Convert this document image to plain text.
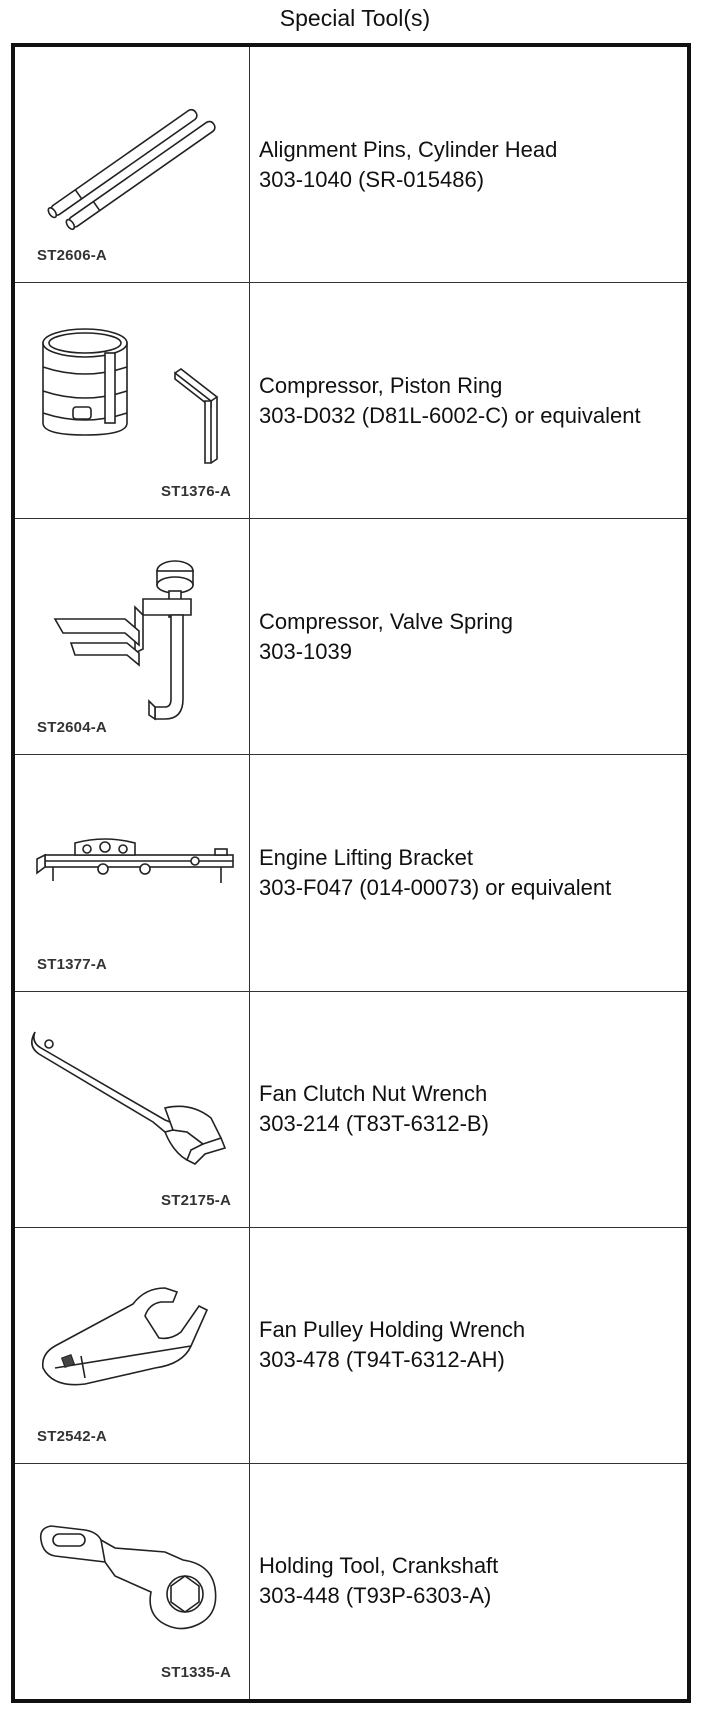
Special Tool(s)
ST2606-A
Alignment Pins, Cylinder Head
303-1040 (SR-015486)
ST1376-A
Compressor, Piston Ring
303-D032 (D81L-6002-C) or equivalent
ST2604-A
Compressor, Valve Spring
303-1039
ST1377-A
Engine Lifting Bracket
303-F047 (014-00073) or equivalent
ST2175-A
Fan Clutch Nut Wrench
303-214 (T83T-6312-B)
ST2542-A
Fan Pulley Holding Wrench
303-478 (T94T-6312-AH)
ST1335-A
Holding Tool, Crankshaft
303-448 (T93P-6303-A)
